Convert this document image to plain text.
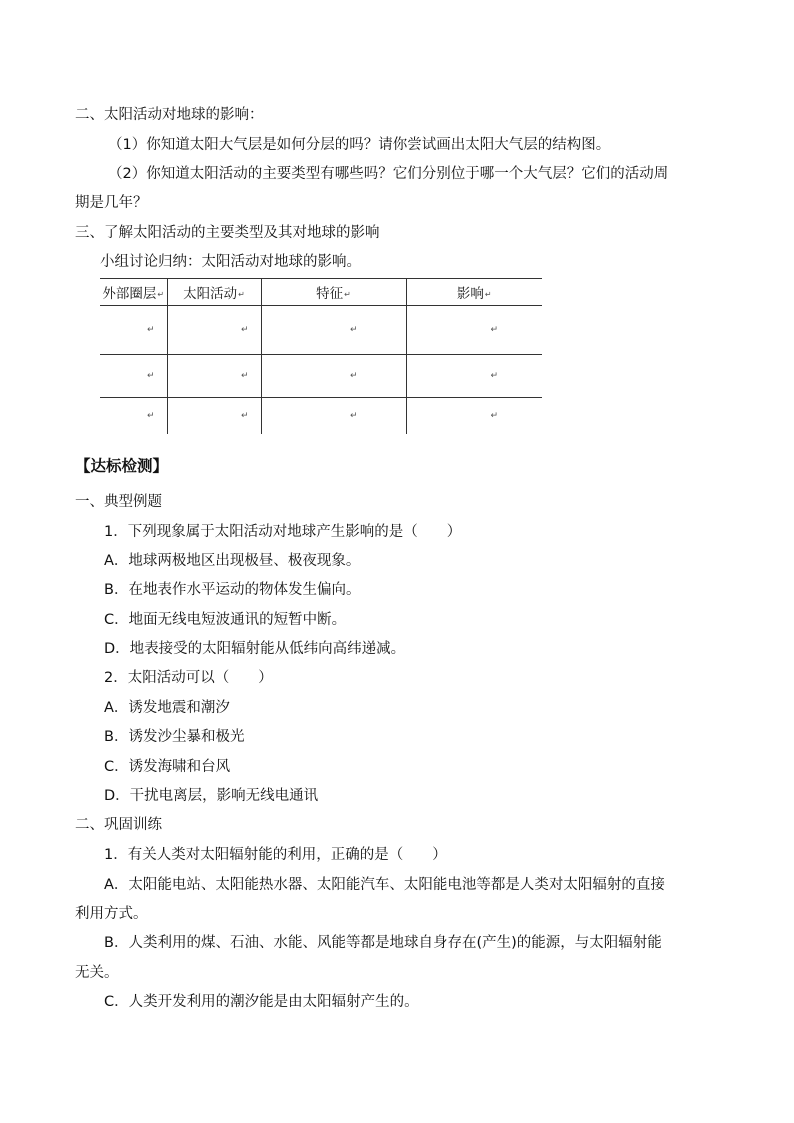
二、太阳活动对地球的影响：
（1）你知道太阳大气层是如何分层的吗？请你尝试画出太阳大气层的结构图。
（2）你知道太阳活动的主要类型有哪些吗？它们分别位于哪一个大气层？它们的活动周
期是几年？
三、了解太阳活动的主要类型及其对地球的影响
小组讨论归纳：太阳活动对地球的影响。
外部圈层↵	太阳活动↵	特征↵	影响↵

↵	↵	↵	↵

↵	↵	↵	↵

↵	↵	↵	↵
【达标检测】
一、典型例题
1．下列现象属于太阳活动对地球产生影响的是（　　）
A．地球两极地区出现极昼、极夜现象。
B．在地表作水平运动的物体发生偏向。
C．地面无线电短波通讯的短暂中断。
D．地表接受的太阳辐射能从低纬向高纬递减。
2．太阳活动可以（　　）
A．诱发地震和潮汐
B．诱发沙尘暴和极光
C．诱发海啸和台风
D．干扰电离层，影响无线电通讯
二、巩固训练
1．有关人类对太阳辐射能的利用，正确的是（　　）
A．太阳能电站、太阳能热水器、太阳能汽车、太阳能电池等都是人类对太阳辐射的直接
利用方式。
B．人类利用的煤、石油、水能、风能等都是地球自身存在(产生)的能源，与太阳辐射能
无关。
C．人类开发利用的潮汐能是由太阳辐射产生的。
